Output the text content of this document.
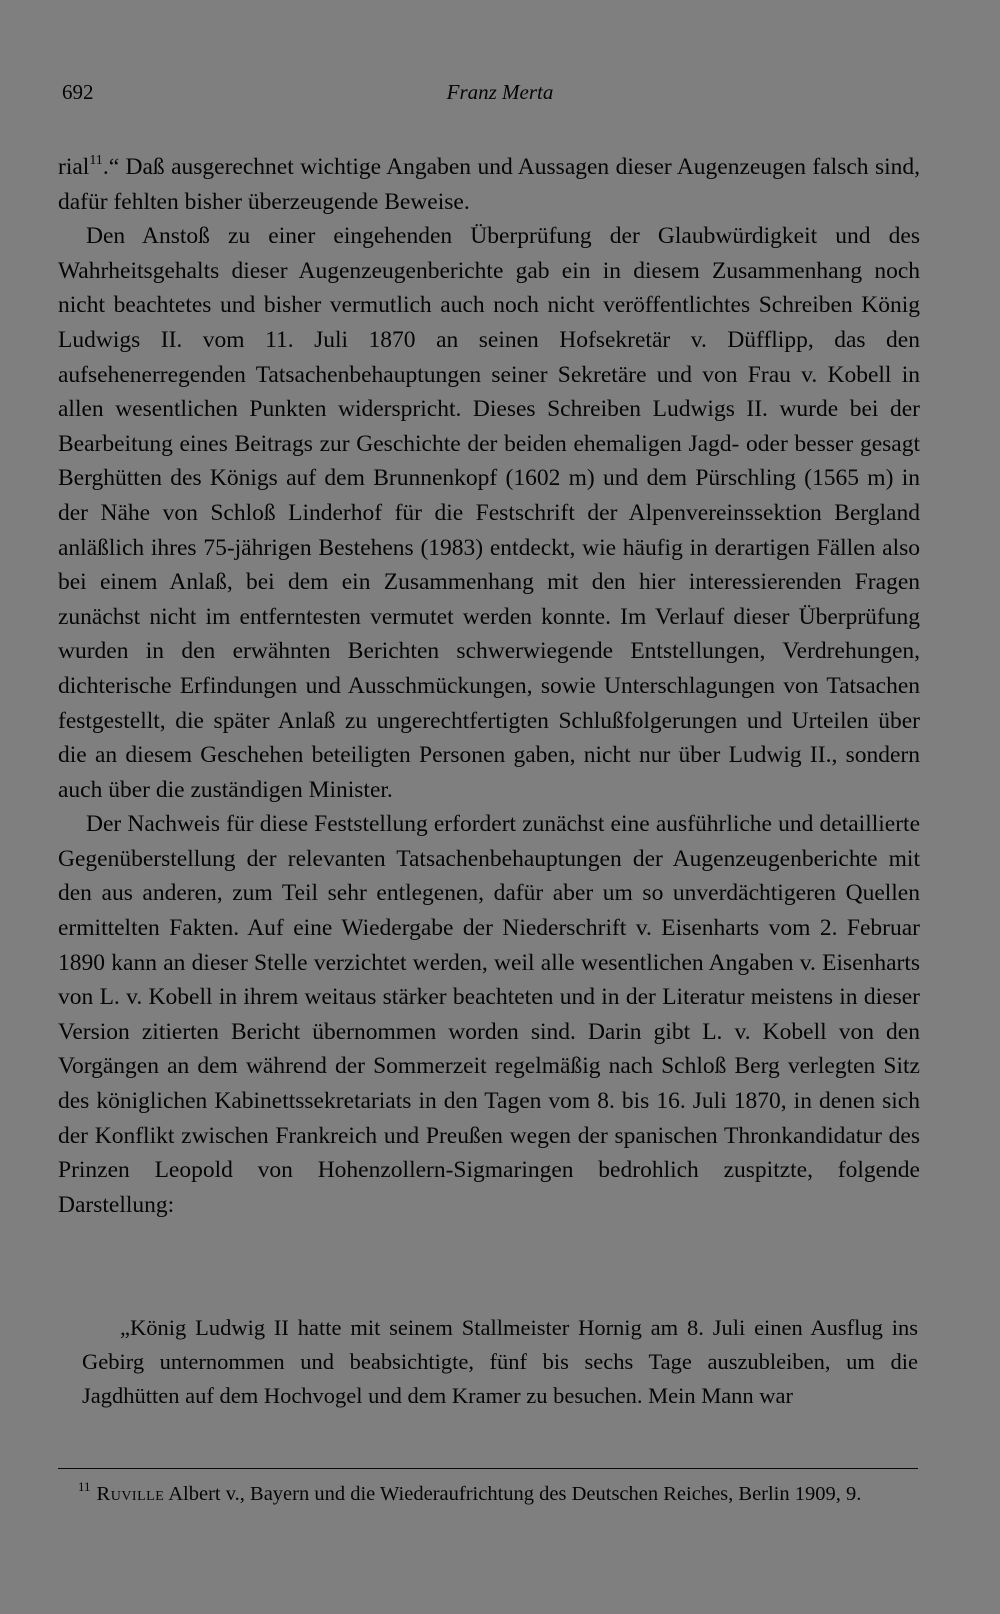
692	Franz Merta

rial$^{11}$.“ Daß ausgerechnet wichtige Angaben und Aussagen dieser Augenzeugen falsch sind, dafür fehlten bisher überzeugende Beweise.

Den Anstoß zu einer eingehenden Überprüfung der Glaubwürdigkeit und des Wahrheitsgehalts dieser Augenzeugenberichte gab ein in diesem Zusammenhang noch nicht beachtetes und bisher vermutlich auch noch nicht veröffentlichtes Schreiben König Ludwigs II. vom 11. Juli 1870 an seinen Hofsekretär v. Düfflipp, das den aufsehenerregenden Tatsachenbehauptungen seiner Sekretäre und von Frau v. Kobell in allen wesentlichen Punkten widerspricht. Dieses Schreiben Ludwigs II. wurde bei der Bearbeitung eines Beitrags zur Geschichte der beiden ehemaligen Jagd- oder besser gesagt Berghütten des Königs auf dem Brunnenkopf (1602 m) und dem Pürschling (1565 m) in der Nähe von Schloß Linderhof für die Festschrift der Alpenvereinssektion Bergland anläßlich ihres 75-jährigen Bestehens (1983) entdeckt, wie häufig in derartigen Fällen also bei einem Anlaß, bei dem ein Zusammenhang mit den hier interessierenden Fragen zunächst nicht im entferntesten vermutet werden konnte. Im Verlauf dieser Überprüfung wurden in den erwähnten Berichten schwerwiegende Entstellungen, Verdrehungen, dichterische Erfindungen und Ausschmückungen, sowie Unterschlagungen von Tatsachen festgestellt, die später Anlaß zu ungerechtfertigten Schlußfolgerungen und Urteilen über die an diesem Geschehen beteiligten Personen gaben, nicht nur über Ludwig II., sondern auch über die zuständigen Minister.

Der Nachweis für diese Feststellung erfordert zunächst eine ausführliche und detaillierte Gegenüberstellung der relevanten Tatsachenbehauptungen der Augenzeugenberichte mit den aus anderen, zum Teil sehr entlegenen, dafür aber um so unverdächtigeren Quellen ermittelten Fakten. Auf eine Wiedergabe der Niederschrift v. Eisenharts vom 2. Februar 1890 kann an dieser Stelle verzichtet werden, weil alle wesentlichen Angaben v. Eisenharts von L. v. Kobell in ihrem weitaus stärker beachteten und in der Literatur meistens in dieser Version zitierten Bericht übernommen worden sind. Darin gibt L. v. Kobell von den Vorgängen an dem während der Sommerzeit regelmäßig nach Schloß Berg verlegten Sitz des königlichen Kabinettssekretariats in den Tagen vom 8. bis 16. Juli 1870, in denen sich der Konflikt zwischen Frankreich und Preußen wegen der spanischen Thronkandidatur des Prinzen Leopold von Hohenzollern-Sigmaringen bedrohlich zuspitzte, folgende Darstellung:

„König Ludwig II hatte mit seinem Stallmeister Hornig am 8. Juli einen Ausflug ins Gebirg unternommen und beabsichtigte, fünf bis sechs Tage auszubleiben, um die Jagdhütten auf dem Hochvogel und dem Kramer zu besuchen. Mein Mann war

$^{11}$ Ruville Albert v., Bayern und die Wiederaufrichtung des Deutschen Reiches, Berlin 1909, 9.
